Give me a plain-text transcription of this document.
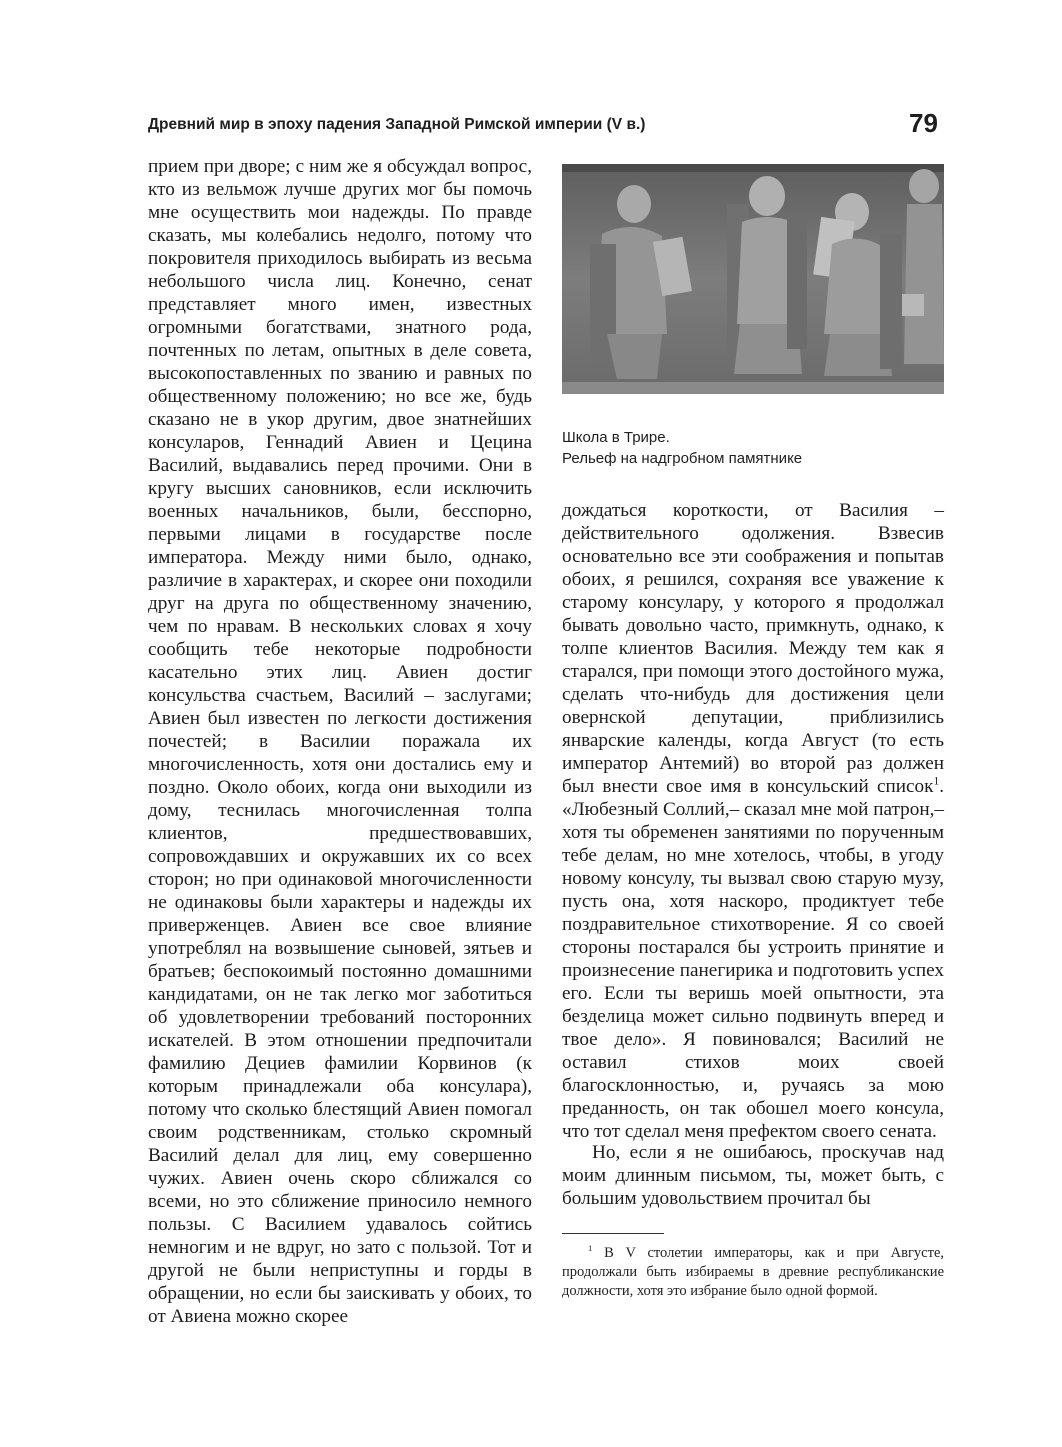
Древний мир в эпоху падения Западной Римской империи (V в.)	79

прием при дворе; с ним же я обсуждал вопрос, кто из вельмож лучше других мог бы помочь мне осуществить мои надежды. По правде сказать, мы колебались недолго, потому что покровителя приходилось выбирать из весьма небольшого числа лиц. Конечно, сенат представляет много имен, известных огромными богатствами, знатного рода, почтенных по летам, опытных в деле совета, высокопоставленных по званию и равных по общественному положению; но все же, будь сказано не в укор другим, двое знатнейших консуларов, Геннадий Авиен и Цецина Василий, выдавались перед прочими. Они в кругу высших сановников, если исключить военных начальников, были, бесспорно, первыми лицами в государстве после императора. Между ними было, однако, различие в характерах, и скорее они походили друг на друга по общественному значению, чем по нравам. В нескольких словах я хочу сообщить тебе некоторые подробности касательно этих лиц. Авиен достиг консульства счастьем, Василий – заслугами; Авиен был известен по легкости достижения почестей; в Василии поражала их многочисленность, хотя они достались ему и поздно. Около обоих, когда они выходили из дому, теснилась многочисленная толпа клиентов, предшествовавших, сопровождавших и окружавших их со всех сторон; но при одинаковой многочисленности не одинаковы были характеры и надежды их приверженцев. Авиен все свое влияние употреблял на возвышение сыновей, зятьев и братьев; беспокоимый постоянно домашними кандидатами, он не так легко мог заботиться об удовлетворении требований посторонних искателей. В этом отношении предпочитали фамилию Дециев фамилии Корвинов (к которым принадлежали оба консулара), потому что сколько блестящий Авиен помогал своим родственникам, столько скромный Василий делал для лиц, ему совершенно чужих. Авиен очень скоро сближался со всеми, но это сближение приносило немного пользы. С Василием удавалось сойтись немногим и не вдруг, но зато с пользой. Тот и другой не были неприступны и горды в обращении, но если бы заискивать у обоих, то от Авиена можно скорее

Школа в Трире.
Рельеф на надгробном памятнике

дождаться короткости, от Василия – действительного одолжения. Взвесив основательно все эти соображения и попытав обоих, я решился, сохраняя все уважение к старому консулару, у которого я продолжал бывать довольно часто, примкнуть, однако, к толпе клиентов Василия. Между тем как я старался, при помощи этого достойного мужа, сделать что-нибудь для достижения цели овернской депутации, приблизились январские календы, когда Август (то есть император Антемий) во второй раз должен был внести свое имя в консульский список$^1$. «Любезный Соллий,– сказал мне мой патрон,– хотя ты обременен занятиями по порученным тебе делам, но мне хотелось, чтобы, в угоду новому консулу, ты вызвал свою старую музу, пусть она, хотя наскоро, продиктует тебе поздравительное стихотворение. Я со своей стороны постарался бы устроить принятие и произнесение панегирика и подготовить успех его. Если ты веришь моей опытности, эта безделица может сильно подвинуть вперед и твое дело». Я повиновался; Василий не оставил стихов моих своей благосклонностью, и, ручаясь за мою преданность, он так обошел моего консула, что тот сделал меня префектом своего сената.

Но, если я не ошибаюсь, проскучав над моим длинным письмом, ты, может быть, с большим удовольствием прочитал бы

$^1$ В V столетии императоры, как и при Августе, продолжали быть избираемы в древние республиканские должности, хотя это избрание было одной формой.
